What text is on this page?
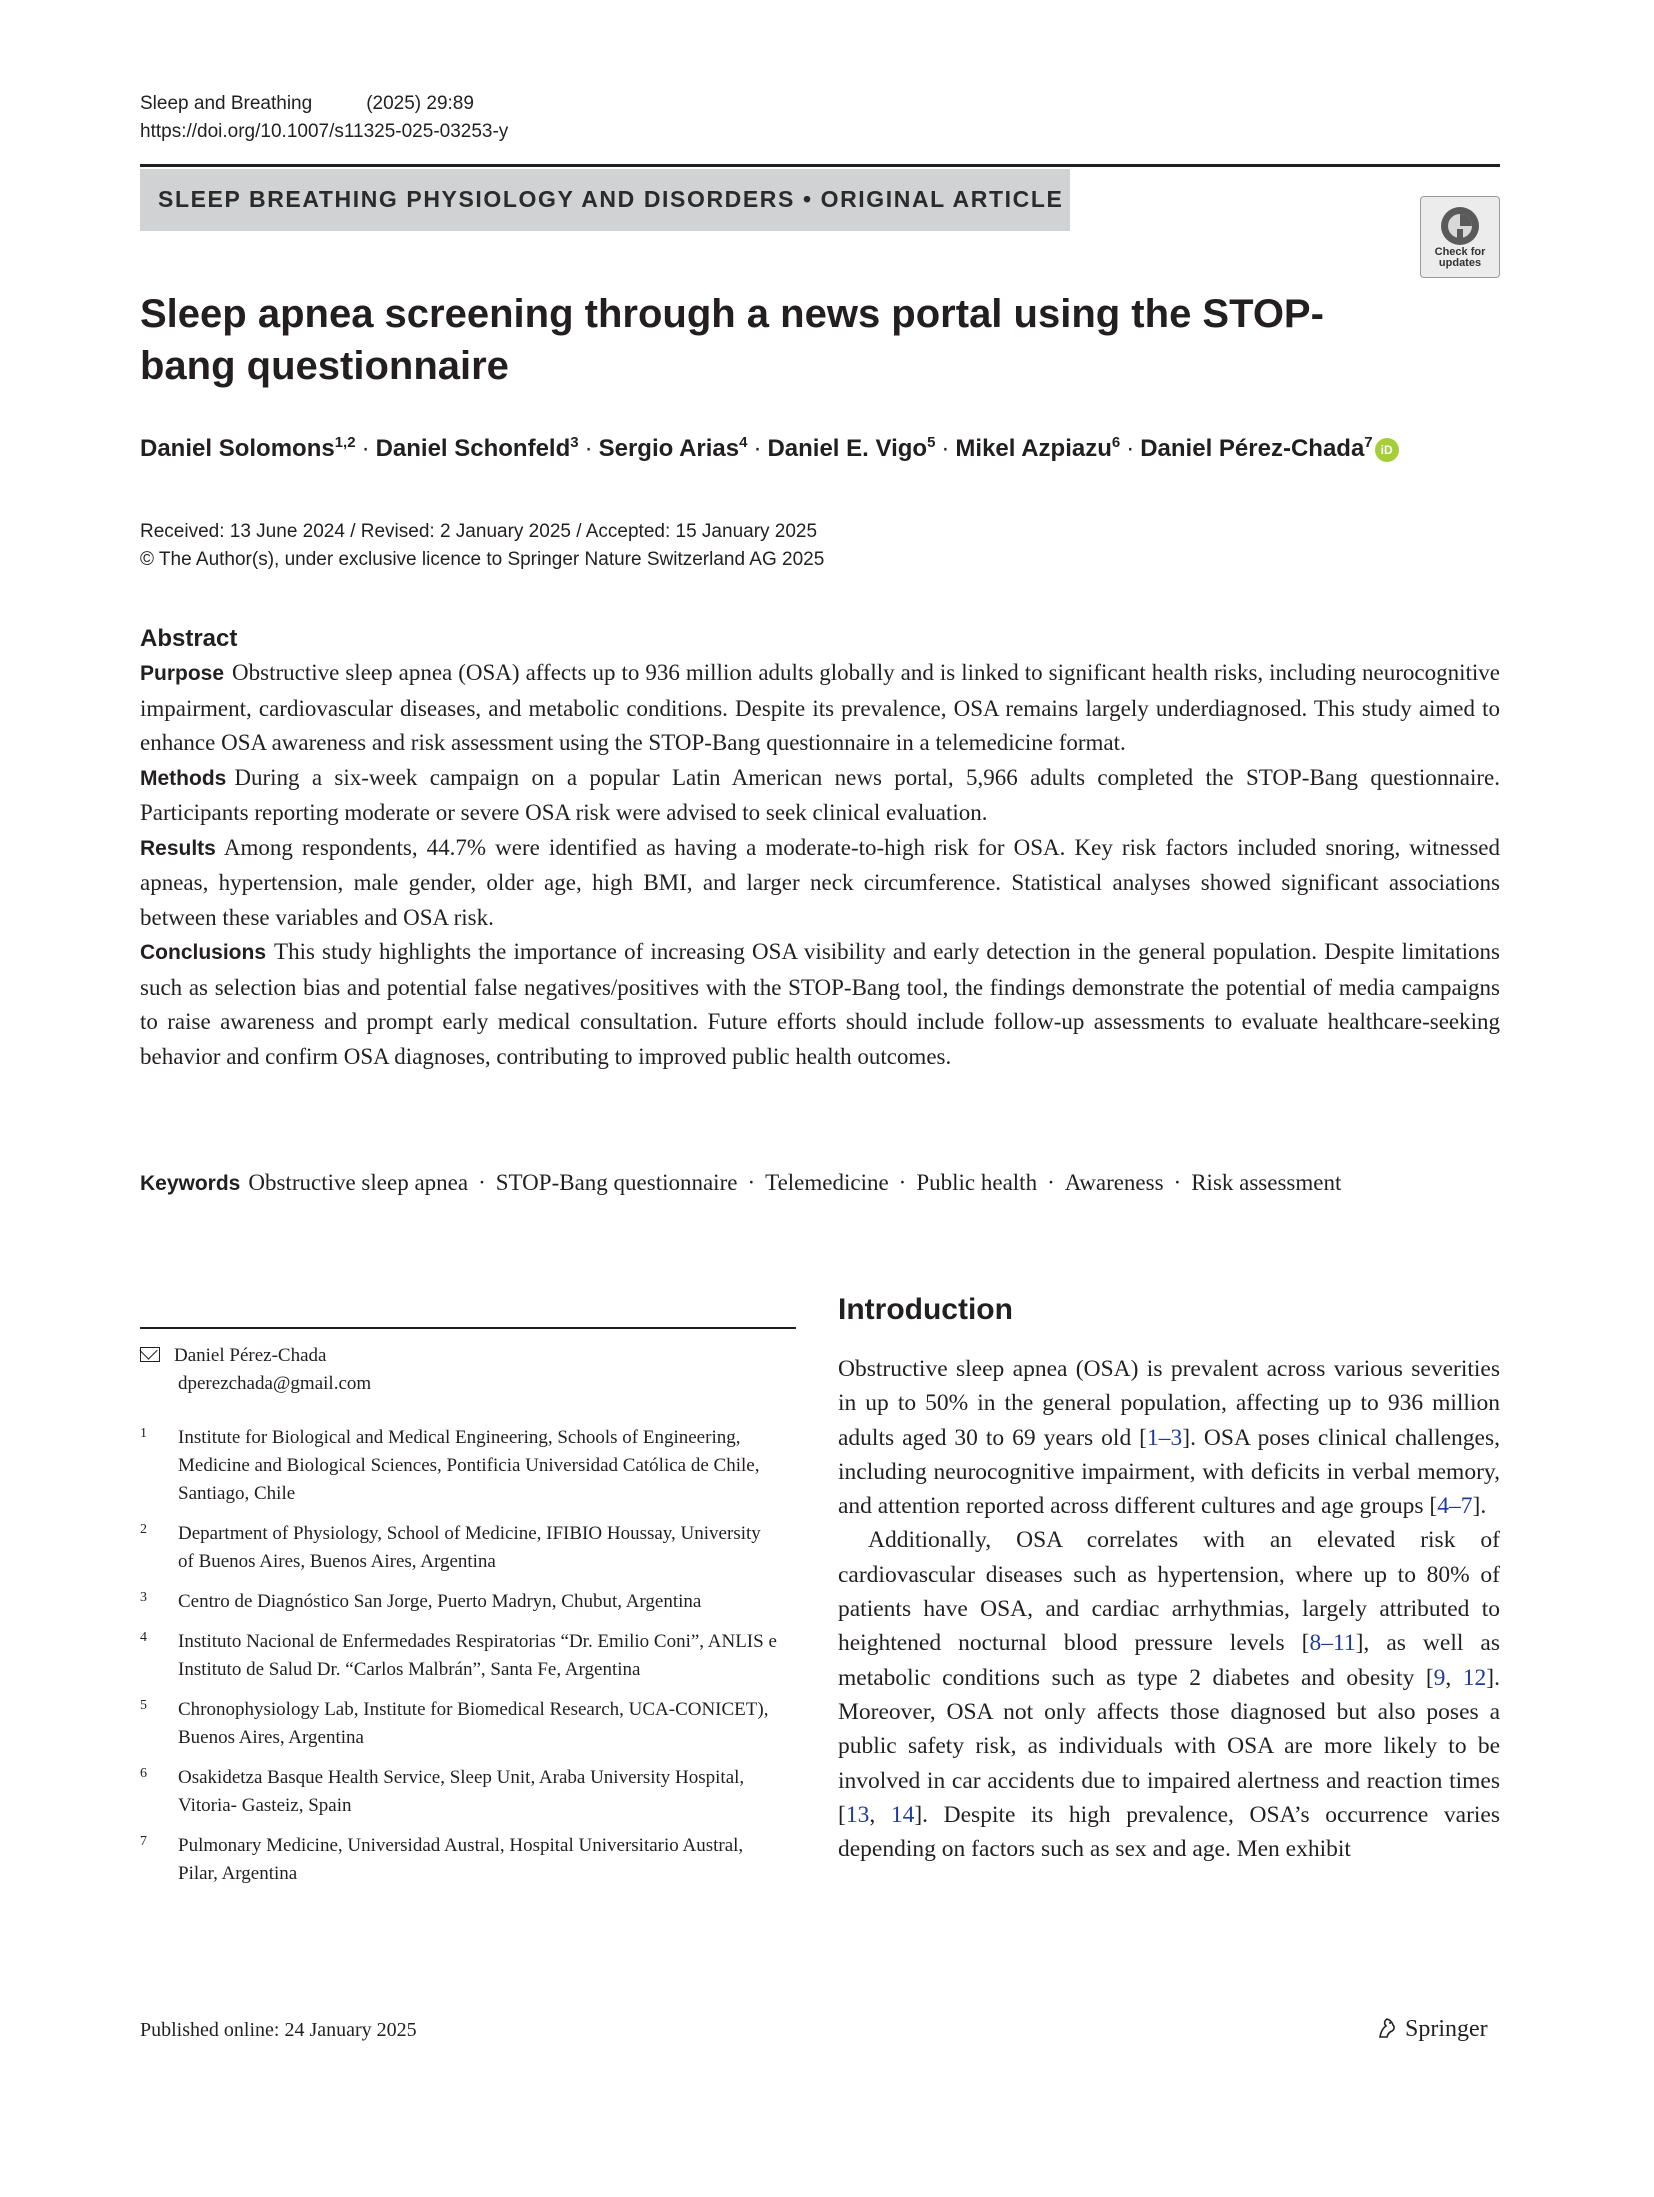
Sleep and Breathing	(2025) 29:89
https://doi.org/10.1007/s11325-025-03253-y
SLEEP BREATHING PHYSIOLOGY AND DISORDERS • ORIGINAL ARTICLE
Check for
updates
Sleep apnea screening through a news portal using the STOP-bang questionnaire
Daniel Solomons$^{1,2}$ · Daniel Schonfeld$^3$ · Sergio Arias$^4$ · Daniel E. Vigo$^5$ · Mikel Azpiazu$^6$ · Daniel Pérez-Chada$^7$ iD
Received: 13 June 2024 / Revised: 2 January 2025 / Accepted: 15 January 2025
© The Author(s), under exclusive licence to Springer Nature Switzerland AG 2025
Abstract

Purpose Obstructive sleep apnea (OSA) affects up to 936 million adults globally and is linked to significant health risks, including neurocognitive impairment, cardiovascular diseases, and metabolic conditions. Despite its prevalence, OSA remains largely underdiagnosed. This study aimed to enhance OSA awareness and risk assessment using the STOP-Bang questionnaire in a telemedicine format.

Methods During a six-week campaign on a popular Latin American news portal, 5,966 adults completed the STOP-Bang questionnaire. Participants reporting moderate or severe OSA risk were advised to seek clinical evaluation.

Results Among respondents, 44.7% were identified as having a moderate-to-high risk for OSA. Key risk factors included snoring, witnessed apneas, hypertension, male gender, older age, high BMI, and larger neck circumference. Statistical analyses showed significant associations between these variables and OSA risk.

Conclusions This study highlights the importance of increasing OSA visibility and early detection in the general population. Despite limitations such as selection bias and potential false negatives/positives with the STOP-Bang tool, the findings demonstrate the potential of media campaigns to raise awareness and prompt early medical consultation. Future efforts should include follow-up assessments to evaluate healthcare-seeking behavior and confirm OSA diagnoses, contributing to improved public health outcomes.

Keywords Obstructive sleep apnea · STOP-Bang questionnaire · Telemedicine · Public health · Awareness · Risk assessment
Daniel Pérez-Chada
dperezchada@gmail.com
1 Institute for Biological and Medical Engineering, Schools of Engineering, Medicine and Biological Sciences, Pontificia Universidad Católica de Chile, Santiago, Chile
2 Department of Physiology, School of Medicine, IFIBIO Houssay, University of Buenos Aires, Buenos Aires, Argentina
3 Centro de Diagnóstico San Jorge, Puerto Madryn, Chubut, Argentina
4 Instituto Nacional de Enfermedades Respiratorias “Dr. Emilio Coni”, ANLIS e Instituto de Salud Dr. “Carlos Malbrán”, Santa Fe, Argentina
5 Chronophysiology Lab, Institute for Biomedical Research, UCA-CONICET), Buenos Aires, Argentina
6 Osakidetza Basque Health Service, Sleep Unit, Araba University Hospital, Vitoria- Gasteiz, Spain
7 Pulmonary Medicine, Universidad Austral, Hospital Universitario Austral, Pilar, Argentina
Introduction

Obstructive sleep apnea (OSA) is prevalent across various severities in up to 50% in the general population, affecting up to 936 million adults aged 30 to 69 years old [1–3]. OSA poses clinical challenges, including neurocognitive impairment, with deficits in verbal memory, and attention reported across different cultures and age groups [4–7].

Additionally, OSA correlates with an elevated risk of cardiovascular diseases such as hypertension, where up to 80% of patients have OSA, and cardiac arrhythmias, largely attributed to heightened nocturnal blood pressure levels [8–11], as well as metabolic conditions such as type 2 diabetes and obesity [9, 12]. Moreover, OSA not only affects those diagnosed but also poses a public safety risk, as individuals with OSA are more likely to be involved in car accidents due to impaired alertness and reaction times [13, 14]. Despite its high prevalence, OSA’s occurrence varies depending on factors such as sex and age. Men exhibit

Published online: 24 January 2025	Springer
